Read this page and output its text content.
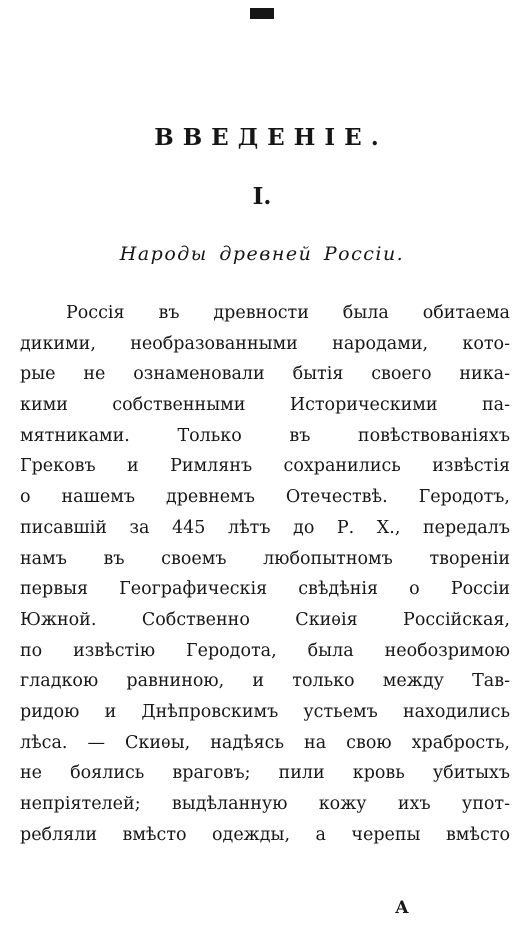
ВВЕДЕНІЕ.
I.
Народы древней Россіи.
Россія въ древности была обитаема
дикими, необразованными народами, кото-
рые не ознаменовали бытія своего ника-
кими собственными Историческими па-
мятниками. Только въ повѣствованіяхъ
Грековъ и Римлянъ сохранились извѣстія
о нашемъ древнемъ Отечествѣ. Геродотъ,
писавшій за 445 лѣтъ до Р. Х., передалъ
намъ въ своемъ любопытномъ твореніи
первыя Географическія свѣдѣнія о Россіи
Южной. Собственно Скиѳія Россійская,
по извѣстію Геродота, была необозримою
гладкою равниною, и только между Тав-
ридою и Днѣпровскимъ устьемъ находились
лѣса. — Скиѳы, надѣясь на свою храбрость,
не боялись враговъ; пили кровь убитыхъ
непріятелей; выдѣланную кожу ихъ упот-
ребляли вмѣсто одежды, а черепы вмѣсто
А
